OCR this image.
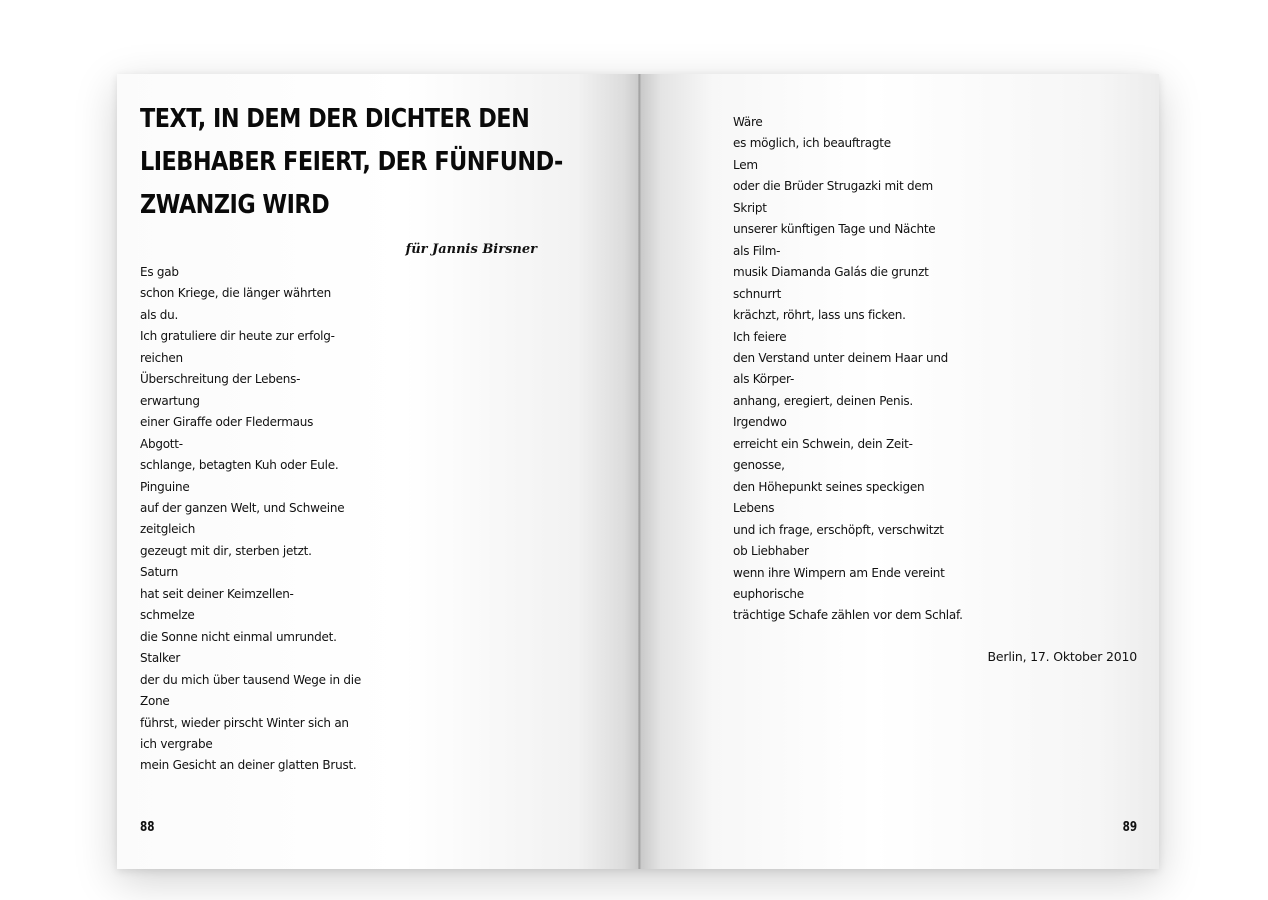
TEXT, IN DEM DER DICHTER DEN
LIEBHABER FEIERT, DER FÜNFUND-
ZWANZIG WIRD
für Jannis Birsner
Es gab
schon Kriege, die länger währten
als du.
Ich gratuliere dir heute zur erfolg-
reichen
Überschreitung der Lebens-
erwartung
einer Giraffe oder Fledermaus
Abgott-
schlange, betagten Kuh oder Eule.
Pinguine
auf der ganzen Welt, und Schweine
zeitgleich
gezeugt mit dir, sterben jetzt.
Saturn
hat seit deiner Keimzellen-
schmelze
die Sonne nicht einmal umrundet.
Stalker
der du mich über tausend Wege in die
Zone
führst, wieder pirscht Winter sich an
ich vergrabe
mein Gesicht an deiner glatten Brust.
88
Wäre
es möglich, ich beauftragte
Lem
oder die Brüder Strugazki mit dem
Skript
unserer künftigen Tage und Nächte
als Film-
musik Diamanda Galás die grunzt
schnurrt
krächzt, röhrt, lass uns ficken.
Ich feiere
den Verstand unter deinem Haar und
als Körper-
anhang, eregiert, deinen Penis.
Irgendwo
erreicht ein Schwein, dein Zeit-
genosse,
den Höhepunkt seines speckigen
Lebens
und ich frage, erschöpft, verschwitzt
ob Liebhaber
wenn ihre Wimpern am Ende vereint
euphorische
trächtige Schafe zählen vor dem Schlaf.
Berlin, 17. Oktober 2010
89
